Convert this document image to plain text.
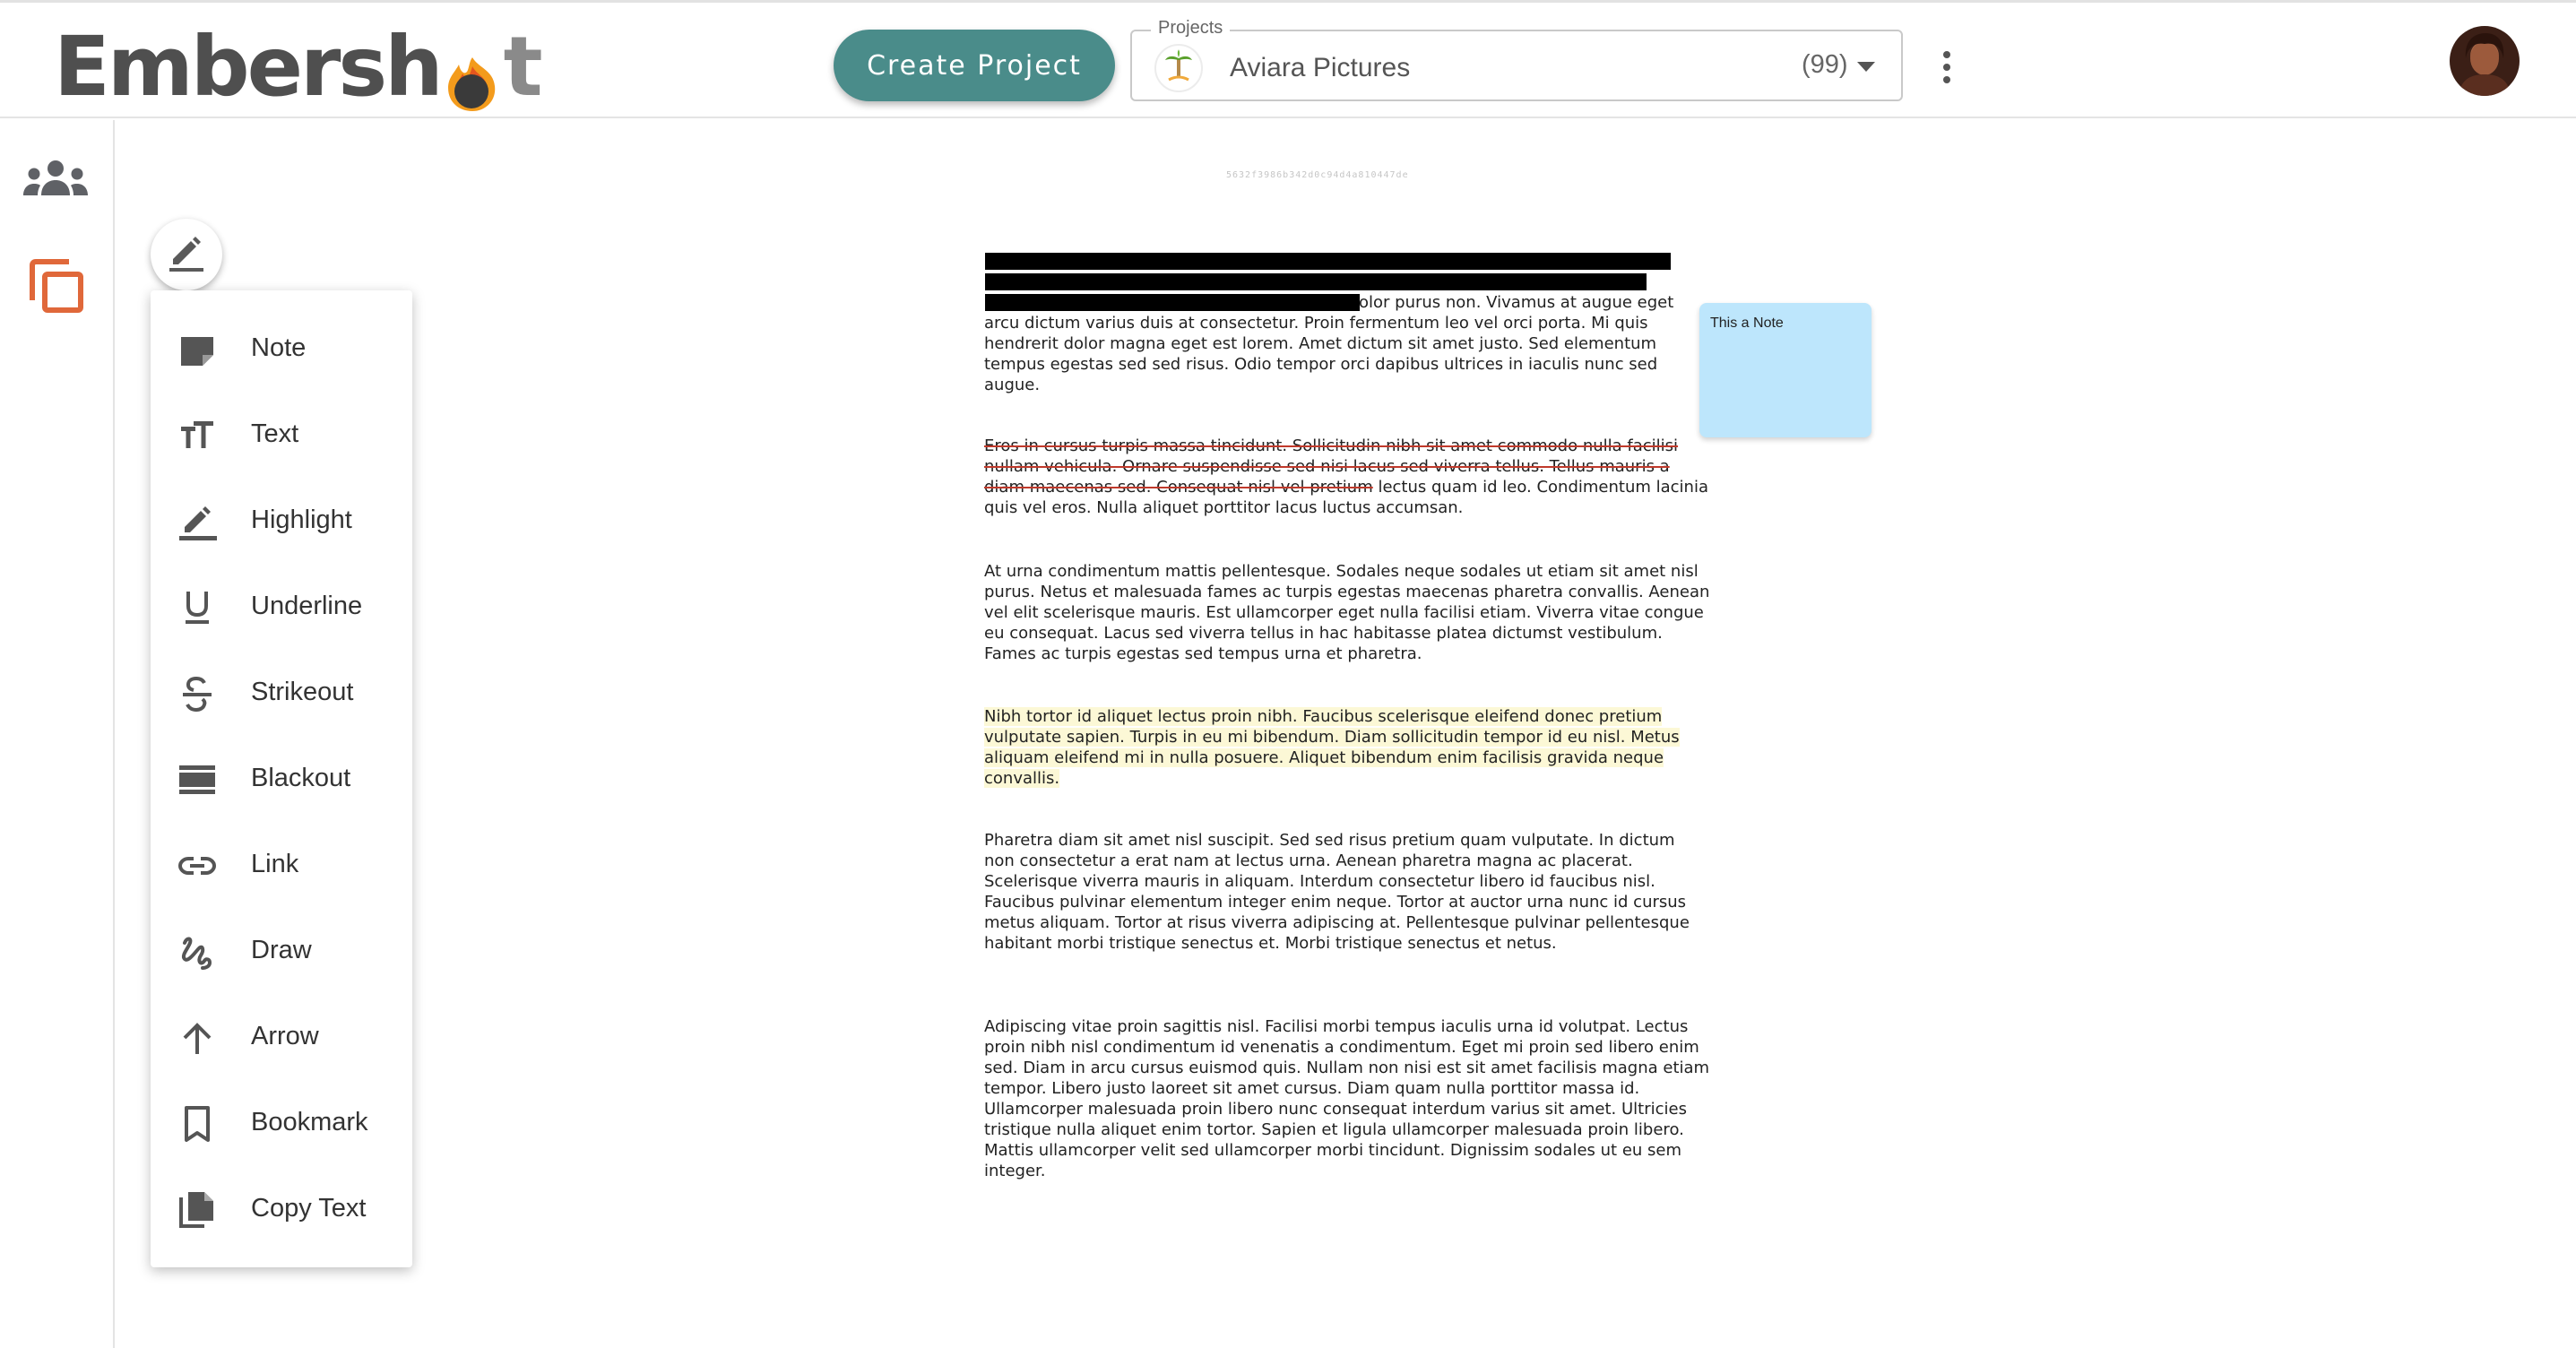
Embersh t	Create Project
Projects
Aviara Pictures	(99)
Note
Text
Highlight
Underline
Strikeout
Blackout
Link
Draw
Arrow
Bookmark
Copy Text
5632f3986b342d0c94d4a810447de
olor purus non. Vivamus at augue eget arcu dictum varius duis at consectetur. Proin fermentum leo vel orci porta. Mi quis hendrerit dolor magna eget est lorem. Amet dictum sit amet justo. Sed elementum tempus egestas sed sed risus. Odio tempor orci dapibus ultrices in iaculis nunc sed augue.
Eros in cursus turpis massa tincidunt. Sollicitudin nibh sit amet commodo nulla facilisi nullam vehicula. Ornare suspendisse sed nisi lacus sed viverra tellus. Tellus mauris a diam maecenas sed. Consequat nisl vel pretium lectus quam id leo. Condimentum lacinia quis vel eros. Nulla aliquet porttitor lacus luctus accumsan.
At urna condimentum mattis pellentesque. Sodales neque sodales ut etiam sit amet nisl purus. Netus et malesuada fames ac turpis egestas maecenas pharetra convallis. Aenean vel elit scelerisque mauris. Est ullamcorper eget nulla facilisi etiam. Viverra vitae congue eu consequat. Lacus sed viverra tellus in hac habitasse platea dictumst vestibulum. Fames ac turpis egestas sed tempus urna et pharetra.
Nibh tortor id aliquet lectus proin nibh. Faucibus scelerisque eleifend donec pretium vulputate sapien. Turpis in eu mi bibendum. Diam sollicitudin tempor id eu nisl. Metus aliquam eleifend mi in nulla posuere. Aliquet bibendum enim facilisis gravida neque convallis.
Pharetra diam sit amet nisl suscipit. Sed sed risus pretium quam vulputate. In dictum non consectetur a erat nam at lectus urna. Aenean pharetra magna ac placerat. Scelerisque viverra mauris in aliquam. Interdum consectetur libero id faucibus nisl. Faucibus pulvinar elementum integer enim neque. Tortor at auctor urna nunc id cursus metus aliquam. Tortor at risus viverra adipiscing at. Pellentesque pulvinar pellentesque habitant morbi tristique senectus et. Morbi tristique senectus et netus.
Adipiscing vitae proin sagittis nisl. Facilisi morbi tempus iaculis urna id volutpat. Lectus proin nibh nisl condimentum id venenatis a condimentum. Eget mi proin sed libero enim sed. Diam in arcu cursus euismod quis. Nullam non nisi est sit amet facilisis magna etiam tempor. Libero justo laoreet sit amet cursus. Diam quam nulla porttitor massa id. Ullamcorper malesuada proin libero nunc consequat interdum varius sit amet. Ultricies tristique nulla aliquet enim tortor. Sapien et ligula ullamcorper malesuada proin libero. Mattis ullamcorper velit sed ullamcorper morbi tincidunt. Dignissim sodales ut eu sem integer.
This a Note
